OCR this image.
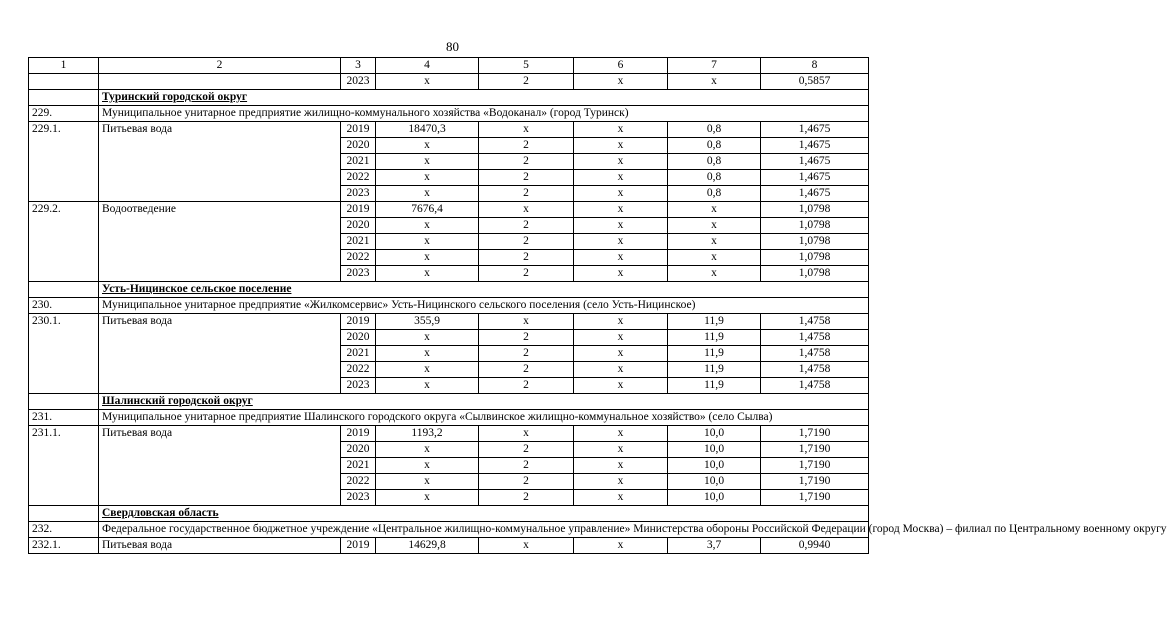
80
1	2	3	4	5	6	7	8
		2023	х	2	х	х	0,5857
	Туринский городской округ						
229.	Муниципальное унитарное предприятие жилищно-коммунального хозяйства «Водоканал» (город Туринск)						
229.1.	Питьевая вода	2019	18470,3	х	х	0,8	1,4675
		2020	х	2	х	0,8	1,4675
		2021	х	2	х	0,8	1,4675
		2022	х	2	х	0,8	1,4675
		2023	х	2	х	0,8	1,4675
229.2.	Водоотведение	2019	7676,4	х	х	х	1,0798
		2020	х	2	х	х	1,0798
		2021	х	2	х	х	1,0798
		2022	х	2	х	х	1,0798
		2023	х	2	х	х	1,0798
	Усть-Ницинское сельское поселение						
230.	Муниципальное унитарное предприятие «Жилкомсервис» Усть-Ницинского сельского поселения (село Усть-Ницинское)						
230.1.	Питьевая вода	2019	355,9	х	х	11,9	1,4758
		2020	х	2	х	11,9	1,4758
		2021	х	2	х	11,9	1,4758
		2022	х	2	х	11,9	1,4758
		2023	х	2	х	11,9	1,4758
	Шалинский городской округ						
231.	Муниципальное унитарное предприятие Шалинского городского округа «Сылвинское жилищно-коммунальное хозяйство» (село Сылва)						
231.1.	Питьевая вода	2019	1193,2	х	х	10,0	1,7190
		2020	х	2	х	10,0	1,7190
		2021	х	2	х	10,0	1,7190
		2022	х	2	х	10,0	1,7190
		2023	х	2	х	10,0	1,7190
	Свердловская область						
232.	Федеральное государственное бюджетное учреждение «Центральное жилищно-коммунальное управление» Министерства обороны Российской Федерации (город Москва) – филиал по Центральному военному округу						
232.1.	Питьевая вода	2019	14629,8	х	х	3,7	0,9940
